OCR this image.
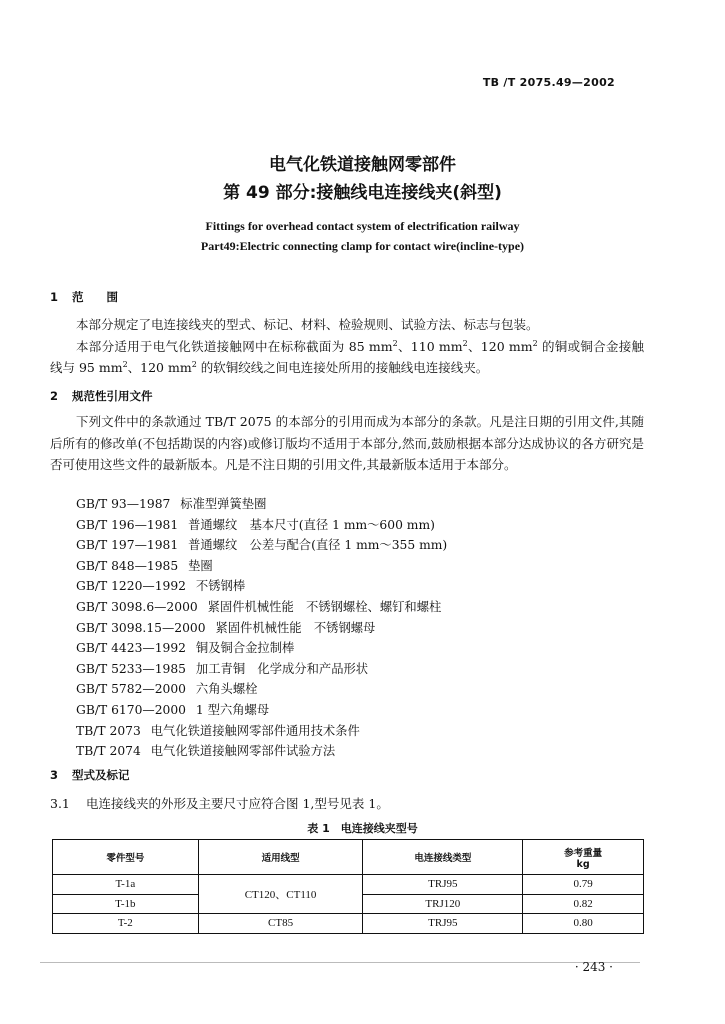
TB /T 2075.49—2002
电气化铁道接触网零部件
第 49 部分:接触线电连接线夹(斜型)
Fittings for overhead contact system of electrification railway
Part49:Electric connecting clamp for contact wire(incline-type)
1 范　　围

本部分规定了电连接线夹的型式、标记、材料、检验规则、试验方法、标志与包装。

本部分适用于电气化铁道接触网中在标称截面为 85 $mm^2$、110 $mm^2$、120 $mm^2$ 的铜或铜合金接触线与 95 $mm^2$、120 $mm^2$ 的软铜绞线之间电连接处所用的接触线电连接线夹。

2 规范性引用文件

下列文件中的条款通过 TB/T 2075 的本部分的引用而成为本部分的条款。凡是注日期的引用文件,其随后所有的修改单(不包括勘误的内容)或修订版均不适用于本部分,然而,鼓励根据本部分达成协议的各方研究是否可使用这些文件的最新版本。凡是不注日期的引用文件,其最新版本适用于本部分。

GB/T 93—1987 标准型弹簧垫圈
GB/T 196—1981 普通螺纹　基本尺寸(直径 1 mm～600 mm)
GB/T 197—1981 普通螺纹　公差与配合(直径 1 mm～355 mm)
GB/T 848—1985 垫圈
GB/T 1220—1992 不锈钢棒
GB/T 3098.6—2000 紧固件机械性能　不锈钢螺栓、螺钉和螺柱
GB/T 3098.15—2000 紧固件机械性能　不锈钢螺母
GB/T 4423—1992 铜及铜合金拉制棒
GB/T 5233—1985 加工青铜　化学成分和产品形状
GB/T 5782—2000 六角头螺栓
GB/T 6170—2000 1 型六角螺母
TB/T 2073 电气化铁道接触网零部件通用技术条件
TB/T 2074 电气化铁道接触网零部件试验方法
3 型式及标记
3.1 电连接线夹的外形及主要尺寸应符合图 1,型号见表 1。
表 1　电连接线夹型号
零件型号	适用线型	电连接线类型	参考重量
kg

T-1a	CT120、CT110	TRJ95	0.79
T-1b		TRJ120	0.82
T-2	CT85	TRJ95	0.80
· 243 ·
